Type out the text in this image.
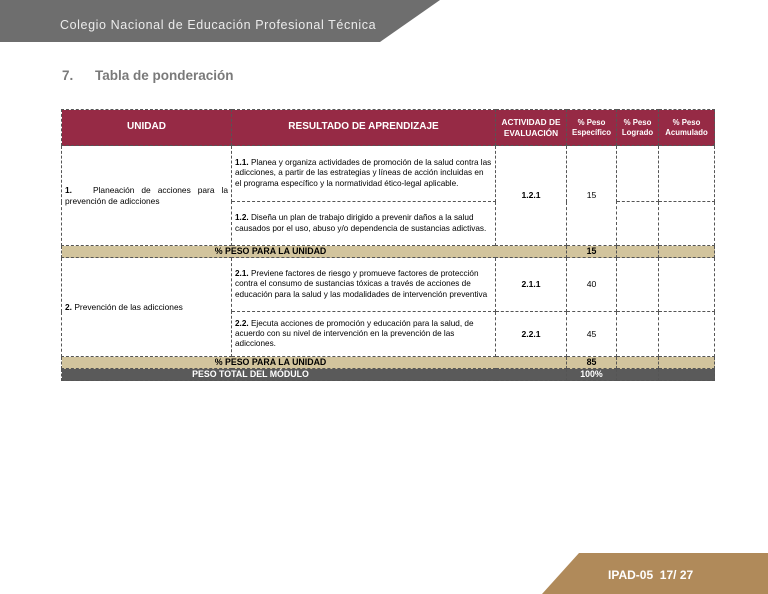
Colegio Nacional de Educación Profesional Técnica
7. Tabla de ponderación
UNIDAD	RESULTADO DE APRENDIZAJE	ACTIVIDAD DE EVALUACIÓN	% Peso Específico	% Peso Logrado	% Peso Acumulado
1. Planeación de acciones para la prevención de adicciones	1.1. Planea y organiza actividades de promoción de la salud contra las adicciones, a partir de las estrategias y líneas de acción incluidas en el programa específico y la normatividad ético-legal aplicable.	1.2.1	15		
	1.2. Diseña un plan de trabajo dirigido a prevenir daños a la salud causados por el uso, abuso y/o dependencia de sustancias adictivas.				
% PESO PARA LA UNIDAD			15		
2. Prevención de las adicciones	2.1. Previene factores de riesgo y promueve factores de protección contra el consumo de sustancias tóxicas a través de acciones de educación para la salud y las modalidades de intervención preventiva	2.1.1	40		
	2.2. Ejecuta acciones de promoción y educación para la salud, de acuerdo con su nivel de intervención en la prevención de las adicciones.	2.2.1	45		
% PESO PARA LA UNIDAD			85		
PESO TOTAL DEL MÓDULO			100%		
IPAD-05 17/ 27
